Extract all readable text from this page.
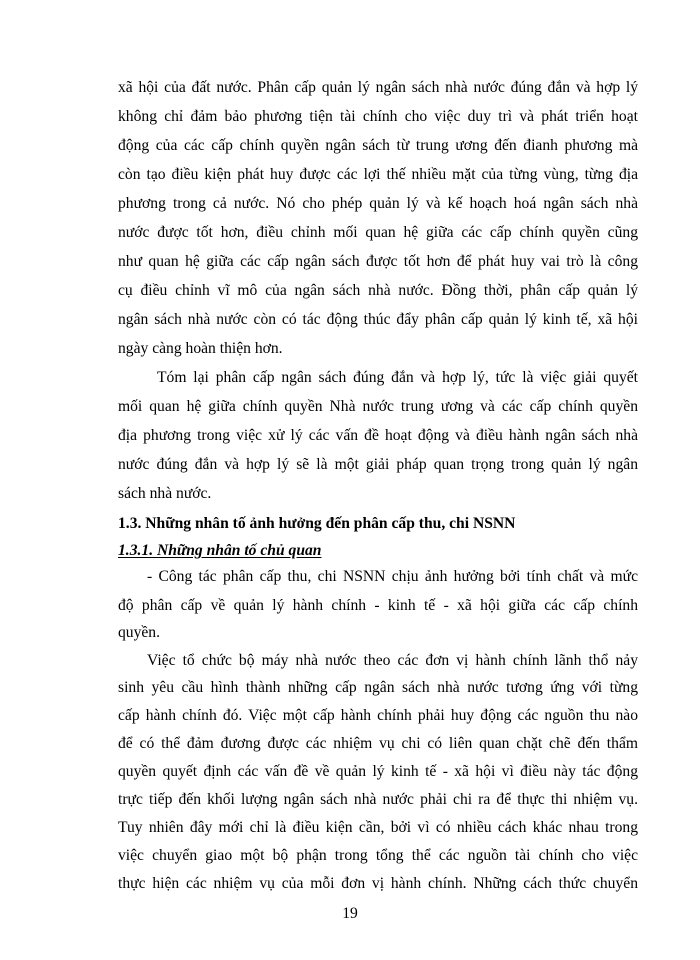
xã hội của đất nước. Phân cấp quản lý ngân sách nhà nước đúng đắn và hợp lý
không chỉ đảm bảo phương tiện tài chính cho việc duy trì và phát triển hoạt
động của các cấp chính quyền ngân sách từ trung ương đến đianh phương mà
còn tạo điều kiện phát huy được các lợi thế nhiều mặt của từng vùng, từng địa
phương trong cả nước. Nó cho phép quản lý và kế hoạch hoá ngân sách nhà
nước được tốt hơn, điều chỉnh mối quan hệ giữa các cấp chính quyền cũng
như quan hệ giữa các cấp ngân sách được tốt hơn để phát huy vai trò là công
cụ điều chỉnh vĩ mô của ngân sách nhà nước. Đồng thời, phân cấp quản lý
ngân sách nhà nước còn có tác động thúc đẩy phân cấp quản lý kinh tế, xã hội
ngày càng hoàn thiện hơn.
Tóm lại phân cấp ngân sách đúng đắn và hợp lý, tức là việc giải quyết
mối quan hệ giữa chính quyền Nhà nước trung ương và các cấp chính quyền
địa phương trong việc xử lý các vấn đề hoạt động và điều hành ngân sách nhà
nước đúng đắn và hợp lý sẽ là một giải pháp quan trọng trong quản lý ngân
sách nhà nước.
1.3. Những nhân tố ảnh hưởng đến phân cấp thu, chi NSNN
1.3.1. Những nhân tố chủ quan
- Công tác phân cấp thu, chi NSNN chịu ảnh hưởng bởi tính chất và mức
độ phân cấp về quản lý hành chính - kinh tế - xã hội giữa các cấp chính
quyền.
Việc tổ chức bộ máy nhà nước theo các đơn vị hành chính lãnh thổ nảy
sinh yêu cầu hình thành những cấp ngân sách nhà nước tương ứng với từng
cấp hành chính đó. Việc một cấp hành chính phải huy động các nguồn thu nào
để có thể đảm đương được các nhiệm vụ chi có liên quan chặt chẽ đến thẩm
quyền quyết định các vấn đề về quản lý kinh tế - xã hội vì điều này tác động
trực tiếp đến khối lượng ngân sách nhà nước phải chi ra để thực thi nhiệm vụ.
Tuy nhiên đây mới chỉ là điều kiện cần, bởi vì có nhiều cách khác nhau trong
việc chuyển giao một bộ phận trong tổng thể các nguồn tài chính cho việc
thực hiện các nhiệm vụ của mỗi đơn vị hành chính. Những cách thức chuyển
19
